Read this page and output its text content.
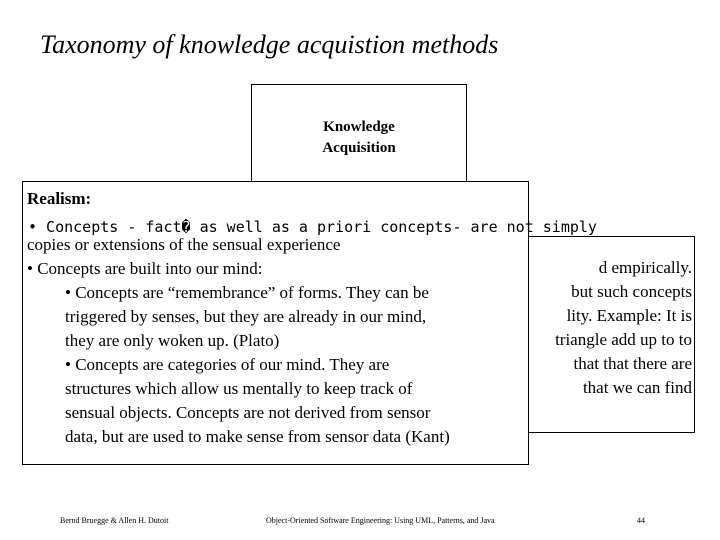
Taxonomy of knowledge acquistion methods
Knowledge
Acquisition
d empirically.
but such concepts
lity. Example: It is
triangle add up to to
that that there are
that we can find
Realism:
copies or extensions of the sensual experience
• Concepts are built into our mind:
• Concepts are “remembrance” of forms. They can be
triggered by senses, but they are already in our mind,
they are only woken up. (Plato)
• Concepts are categories of our mind. They are
structures which allow us mentally to keep track of
sensual objects. Concepts are not derived from sensor
data, but are used to make sense from sensor data (Kant)
• Concepts - fact� as well as a priori concepts- are not simply
Bernd Bruegge & Allen H. Dutoit	Object-Oriented Software Engineering: Using UML, Patterns, and Java	44
